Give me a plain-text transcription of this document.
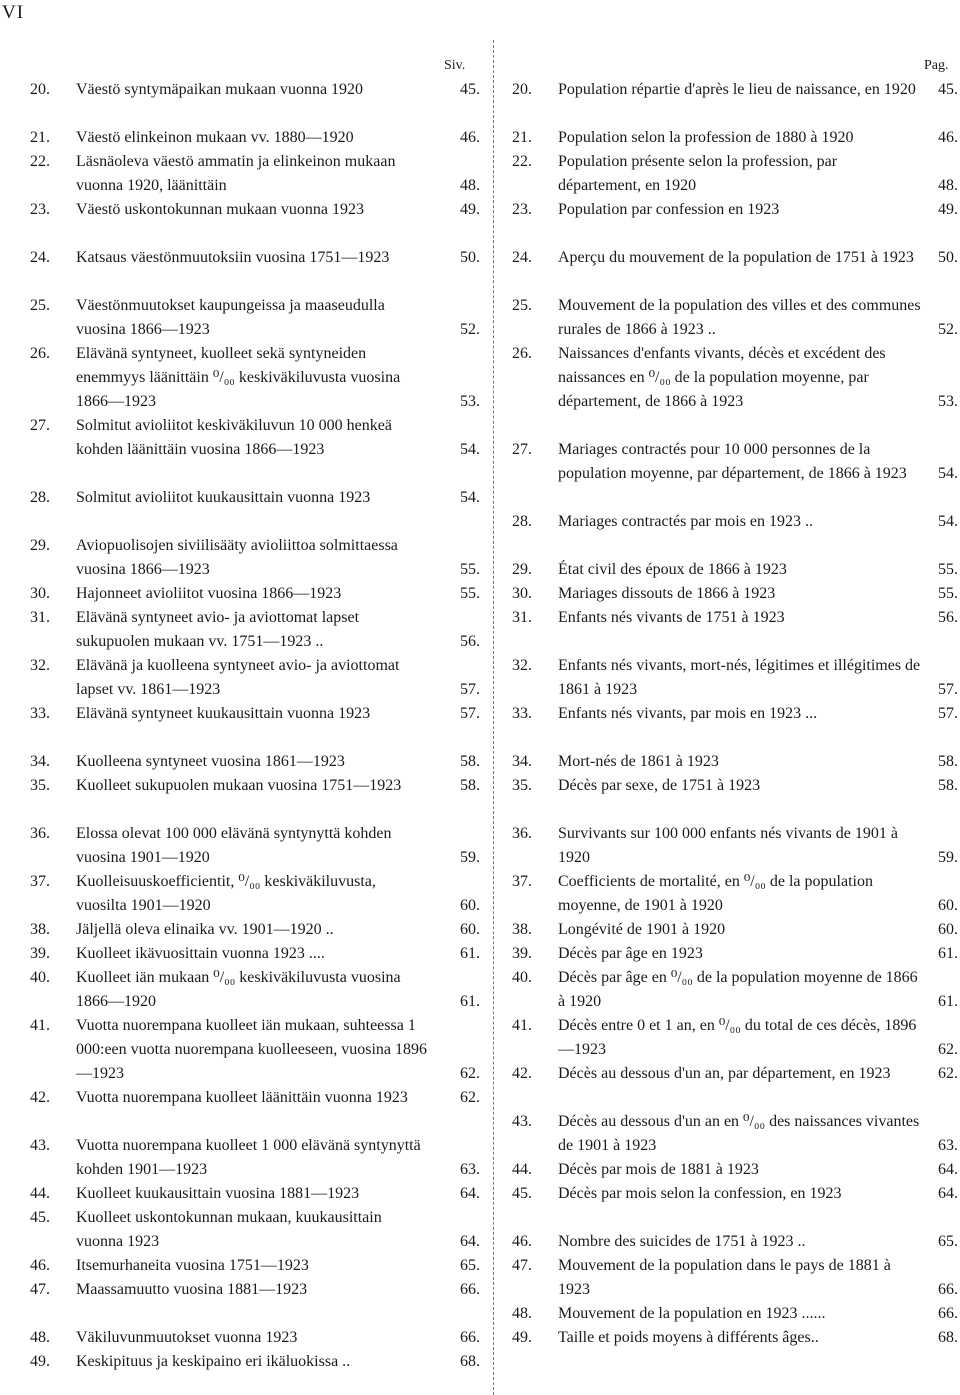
VI
Siv.	Pag.
20. Väestö syntymäpaikan mukaan vuonna 1920	45.
21. Väestö elinkeinon mukaan vv. 1880—1920	46.
22. Läsnäoleva väestö ammatin ja elinkeinon mukaan vuonna 1920, läänittäin	48.
23. Väestö uskontokunnan mukaan vuonna 1923	49.
24. Katsaus väestönmuutoksiin vuosina 1751—1923	50.
25. Väestönmuutokset kaupungeissa ja maaseudulla vuosina 1866—1923	52.
26. Elävänä syntyneet, kuolleet sekä syntyneiden enemmyys läänittäin ⁰/₀₀ keskiväkiluvusta vuosina 1866—1923	53.
27. Solmitut avioliitot keskiväkiluvun 10 000 henkeä kohden läänittäin vuosina 1866—1923	54.
28. Solmitut avioliitot kuukausittain vuonna 1923	54.
29. Aviopuolisojen siviilisääty avioliittoa solmittaessa vuosina 1866—1923	55.
30. Hajonneet avioliitot vuosina 1866—1923	55.
31. Elävänä syntyneet avio- ja aviottomat lapset sukupuolen mukaan vv. 1751—1923 ..	56.
32. Elävänä ja kuolleena syntyneet avio- ja aviottomat lapset vv. 1861—1923	57.
33. Elävänä syntyneet kuukausittain vuonna 1923	57.
34. Kuolleena syntyneet vuosina 1861—1923	58.
35. Kuolleet sukupuolen mukaan vuosina 1751—1923	58.
36. Elossa olevat 100 000 elävänä syntynyttä kohden vuosina 1901—1920	59.
37. Kuolleisuuskoefficientit, ⁰/₀₀ keskiväkiluvusta, vuosilta 1901—1920	60.
38. Jäljellä oleva elinaika vv. 1901—1920 ..	60.
39. Kuolleet ikävuosittain vuonna 1923 ....	61.
40. Kuolleet iän mukaan ⁰/₀₀ keskiväkiluvusta vuosina 1866—1920	61.
41. Vuotta nuorempana kuolleet iän mukaan, suhteessa 1 000:een vuotta nuorempana kuolleeseen, vuosina 1896—1923	62.
42. Vuotta nuorempana kuolleet läänittäin vuonna 1923	62.
43. Vuotta nuorempana kuolleet 1 000 elävänä syntynyttä kohden 1901—1923	63.
44. Kuolleet kuukausittain vuosina 1881—1923	64.
45. Kuolleet uskontokunnan mukaan, kuukausittain vuonna 1923	64.
46. Itsemurhaneita vuosina 1751—1923	65.
47. Maassamuutto vuosina 1881—1923	66.
48. Väkiluvunmuutokset vuonna 1923	66.
49. Keskipituus ja keskipaino eri ikäluokissa ..	68.
20. Population répartie d'après le lieu de naissance, en 1920	45.
21. Population selon la profession de 1880 à 1920	46.
22. Population présente selon la profession, par département, en 1920	48.
23. Population par confession en 1923	49.
24. Aperçu du mouvement de la population de 1751 à 1923	50.
25. Mouvement de la population des villes et des communes rurales de 1866 à 1923 ..	52.
26. Naissances d'enfants vivants, décès et excédent des naissances en ⁰/₀₀ de la population moyenne, par département, de 1866 à 1923	53.
27. Mariages contractés pour 10 000 personnes de la population moyenne, par département, de 1866 à 1923	54.
28. Mariages contractés par mois en 1923 ..	54.
29. État civil des époux de 1866 à 1923	55.
30. Mariages dissouts de 1866 à 1923	55.
31. Enfants nés vivants de 1751 à 1923	56.
32. Enfants nés vivants, mort-nés, légitimes et illégitimes de 1861 à 1923	57.
33. Enfants nés vivants, par mois en 1923 ...	57.
34. Mort-nés de 1861 à 1923	58.
35. Décès par sexe, de 1751 à 1923	58.
36. Survivants sur 100 000 enfants nés vivants de 1901 à 1920	59.
37. Coefficients de mortalité, en ⁰/₀₀ de la population moyenne, de 1901 à 1920	60.
38. Longévité de 1901 à 1920	60.
39. Décès par âge en 1923	61.
40. Décès par âge en ⁰/₀₀ de la population moyenne de 1866 à 1920	61.
41. Décès entre 0 et 1 an, en ⁰/₀₀ du total de ces décès, 1896—1923	62.
42. Décès au dessous d'un an, par département, en 1923	62.
43. Décès au dessous d'un an en ⁰/₀₀ des naissances vivantes de 1901 à 1923	63.
44. Décès par mois de 1881 à 1923	64.
45. Décès par mois selon la confession, en 1923	64.
46. Nombre des suicides de 1751 à 1923 ..	65.
47. Mouvement de la population dans le pays de 1881 à 1923	66.
48. Mouvement de la population en 1923 ......	66.
49. Taille et poids moyens à différents âges..	68.
